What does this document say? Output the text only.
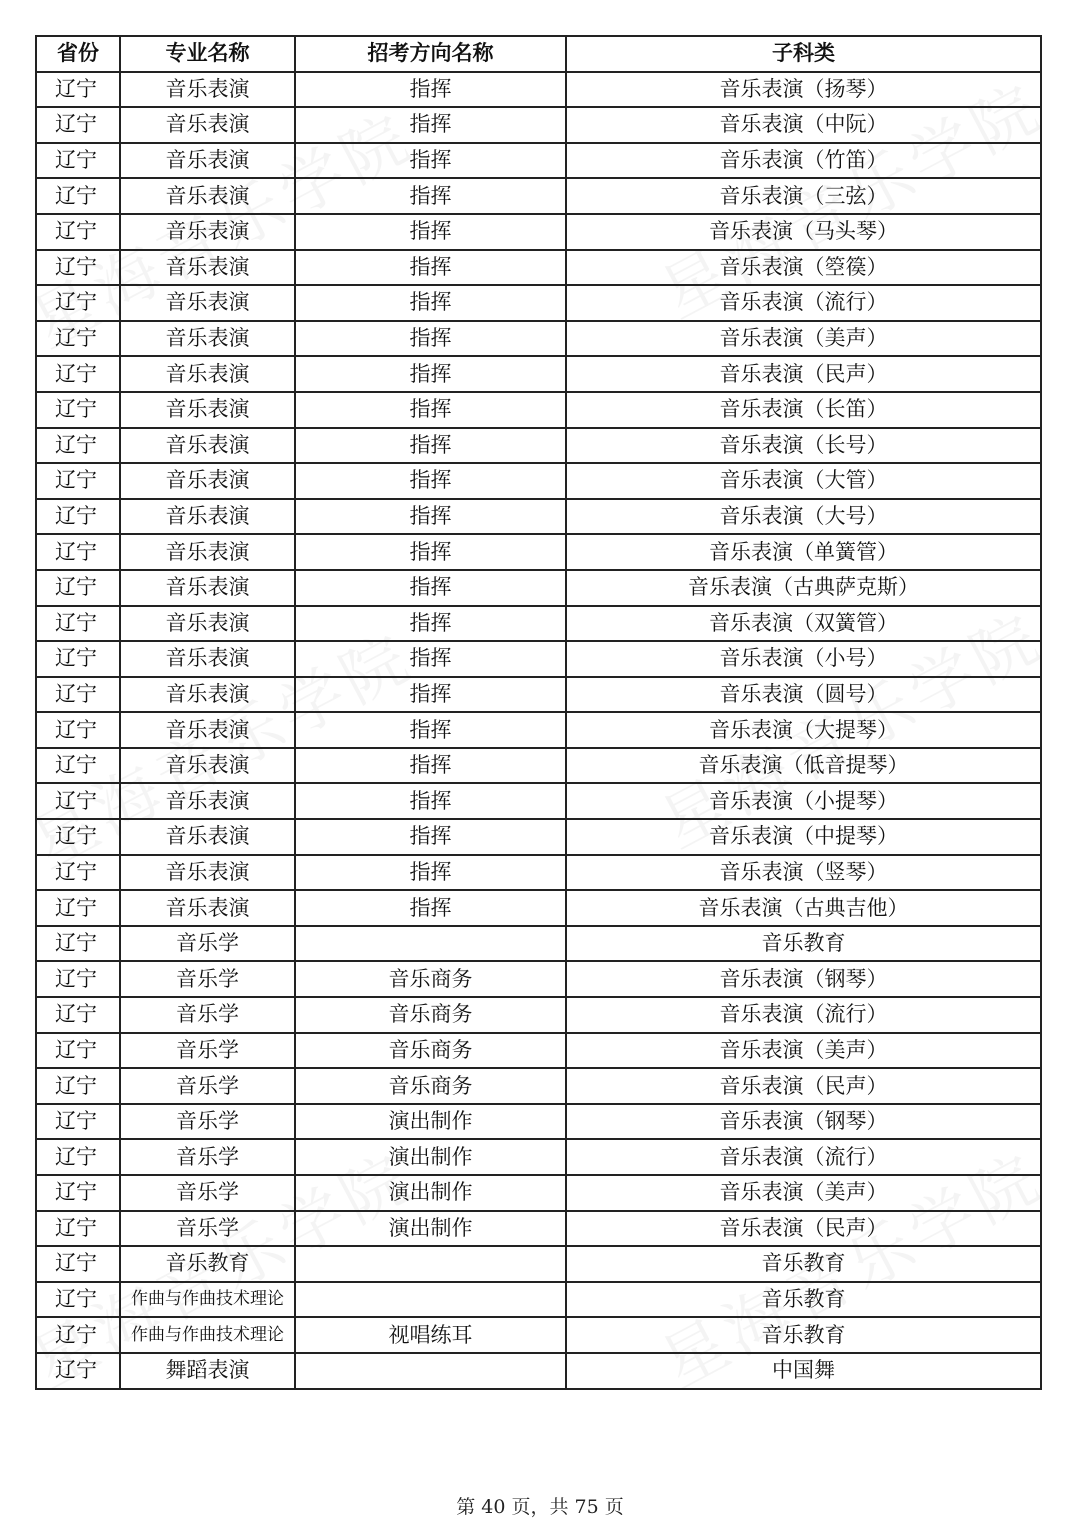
省份	专业名称	招考方向名称	子科类
辽宁	音乐表演	指挥	音乐表演（扬琴）
辽宁	音乐表演	指挥	音乐表演（中阮）
辽宁	音乐表演	指挥	音乐表演（竹笛）
辽宁	音乐表演	指挥	音乐表演（三弦）
辽宁	音乐表演	指挥	音乐表演（马头琴）
辽宁	音乐表演	指挥	音乐表演（箜篌）
辽宁	音乐表演	指挥	音乐表演（流行）
辽宁	音乐表演	指挥	音乐表演（美声）
辽宁	音乐表演	指挥	音乐表演（民声）
辽宁	音乐表演	指挥	音乐表演（长笛）
辽宁	音乐表演	指挥	音乐表演（长号）
辽宁	音乐表演	指挥	音乐表演（大管）
辽宁	音乐表演	指挥	音乐表演（大号）
辽宁	音乐表演	指挥	音乐表演（单簧管）
辽宁	音乐表演	指挥	音乐表演（古典萨克斯）
辽宁	音乐表演	指挥	音乐表演（双簧管）
辽宁	音乐表演	指挥	音乐表演（小号）
辽宁	音乐表演	指挥	音乐表演（圆号）
辽宁	音乐表演	指挥	音乐表演（大提琴）
辽宁	音乐表演	指挥	音乐表演（低音提琴）
辽宁	音乐表演	指挥	音乐表演（小提琴）
辽宁	音乐表演	指挥	音乐表演（中提琴）
辽宁	音乐表演	指挥	音乐表演（竖琴）
辽宁	音乐表演	指挥	音乐表演（古典吉他）
辽宁	音乐学		音乐教育
辽宁	音乐学	音乐商务	音乐表演（钢琴）
辽宁	音乐学	音乐商务	音乐表演（流行）
辽宁	音乐学	音乐商务	音乐表演（美声）
辽宁	音乐学	音乐商务	音乐表演（民声）
辽宁	音乐学	演出制作	音乐表演（钢琴）
辽宁	音乐学	演出制作	音乐表演（流行）
辽宁	音乐学	演出制作	音乐表演（美声）
辽宁	音乐学	演出制作	音乐表演（民声）
辽宁	音乐教育		音乐教育
辽宁	作曲与作曲技术理论		音乐教育
辽宁	作曲与作曲技术理论	视唱练耳	音乐教育
辽宁	舞蹈表演		中国舞
第 40 页，共 75 页
